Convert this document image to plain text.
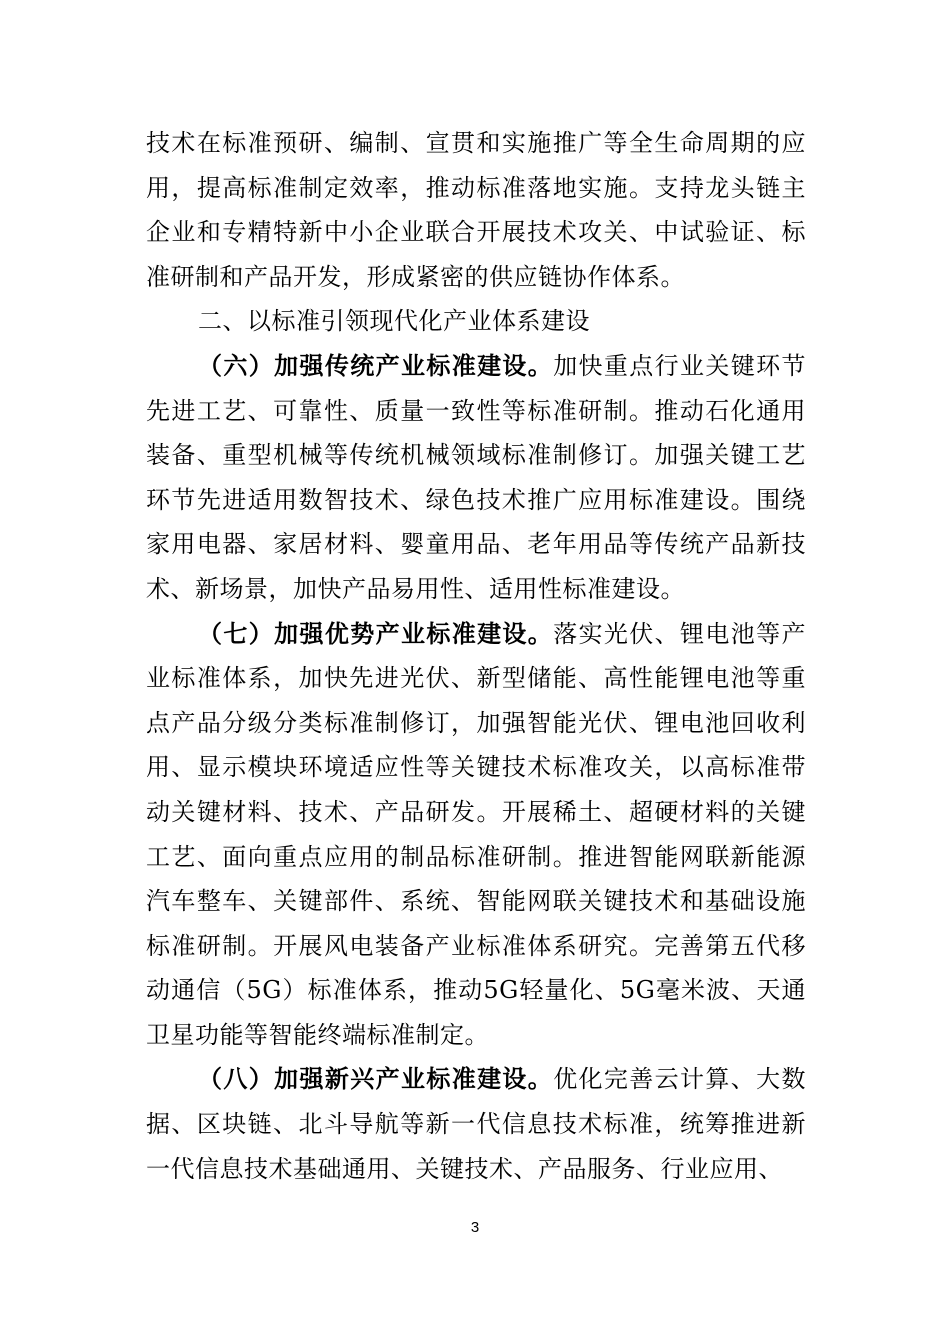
技术在标准预研、编制、宣贯和实施推广等全生命周期的应用，提高标准制定效率，推动标准落地实施。支持龙头链主企业和专精特新中小企业联合开展技术攻关、中试验证、标准研制和产品开发，形成紧密的供应链协作体系。

二、以标准引领现代化产业体系建设

（六）加强传统产业标准建设。加快重点行业关键环节先进工艺、可靠性、质量一致性等标准研制。推动石化通用装备、重型机械等传统机械领域标准制修订。加强关键工艺环节先进适用数智技术、绿色技术推广应用标准建设。围绕家用电器、家居材料、婴童用品、老年用品等传统产品新技术、新场景，加快产品易用性、适用性标准建设。

（七）加强优势产业标准建设。落实光伏、锂电池等产业标准体系，加快先进光伏、新型储能、高性能锂电池等重点产品分级分类标准制修订，加强智能光伏、锂电池回收利用、显示模块环境适应性等关键技术标准攻关，以高标准带动关键材料、技术、产品研发。开展稀土、超硬材料的关键工艺、面向重点应用的制品标准研制。推进智能网联新能源汽车整车、关键部件、系统、智能网联关键技术和基础设施标准研制。开展风电装备产业标准体系研究。完善第五代移动通信（5G）标准体系，推动5G轻量化、5G毫米波、天通卫星功能等智能终端标准制定。

（八）加强新兴产业标准建设。优化完善云计算、大数据、区块链、北斗导航等新一代信息技术标准，统筹推进新一代信息技术基础通用、关键技术、产品服务、行业应用、

3
